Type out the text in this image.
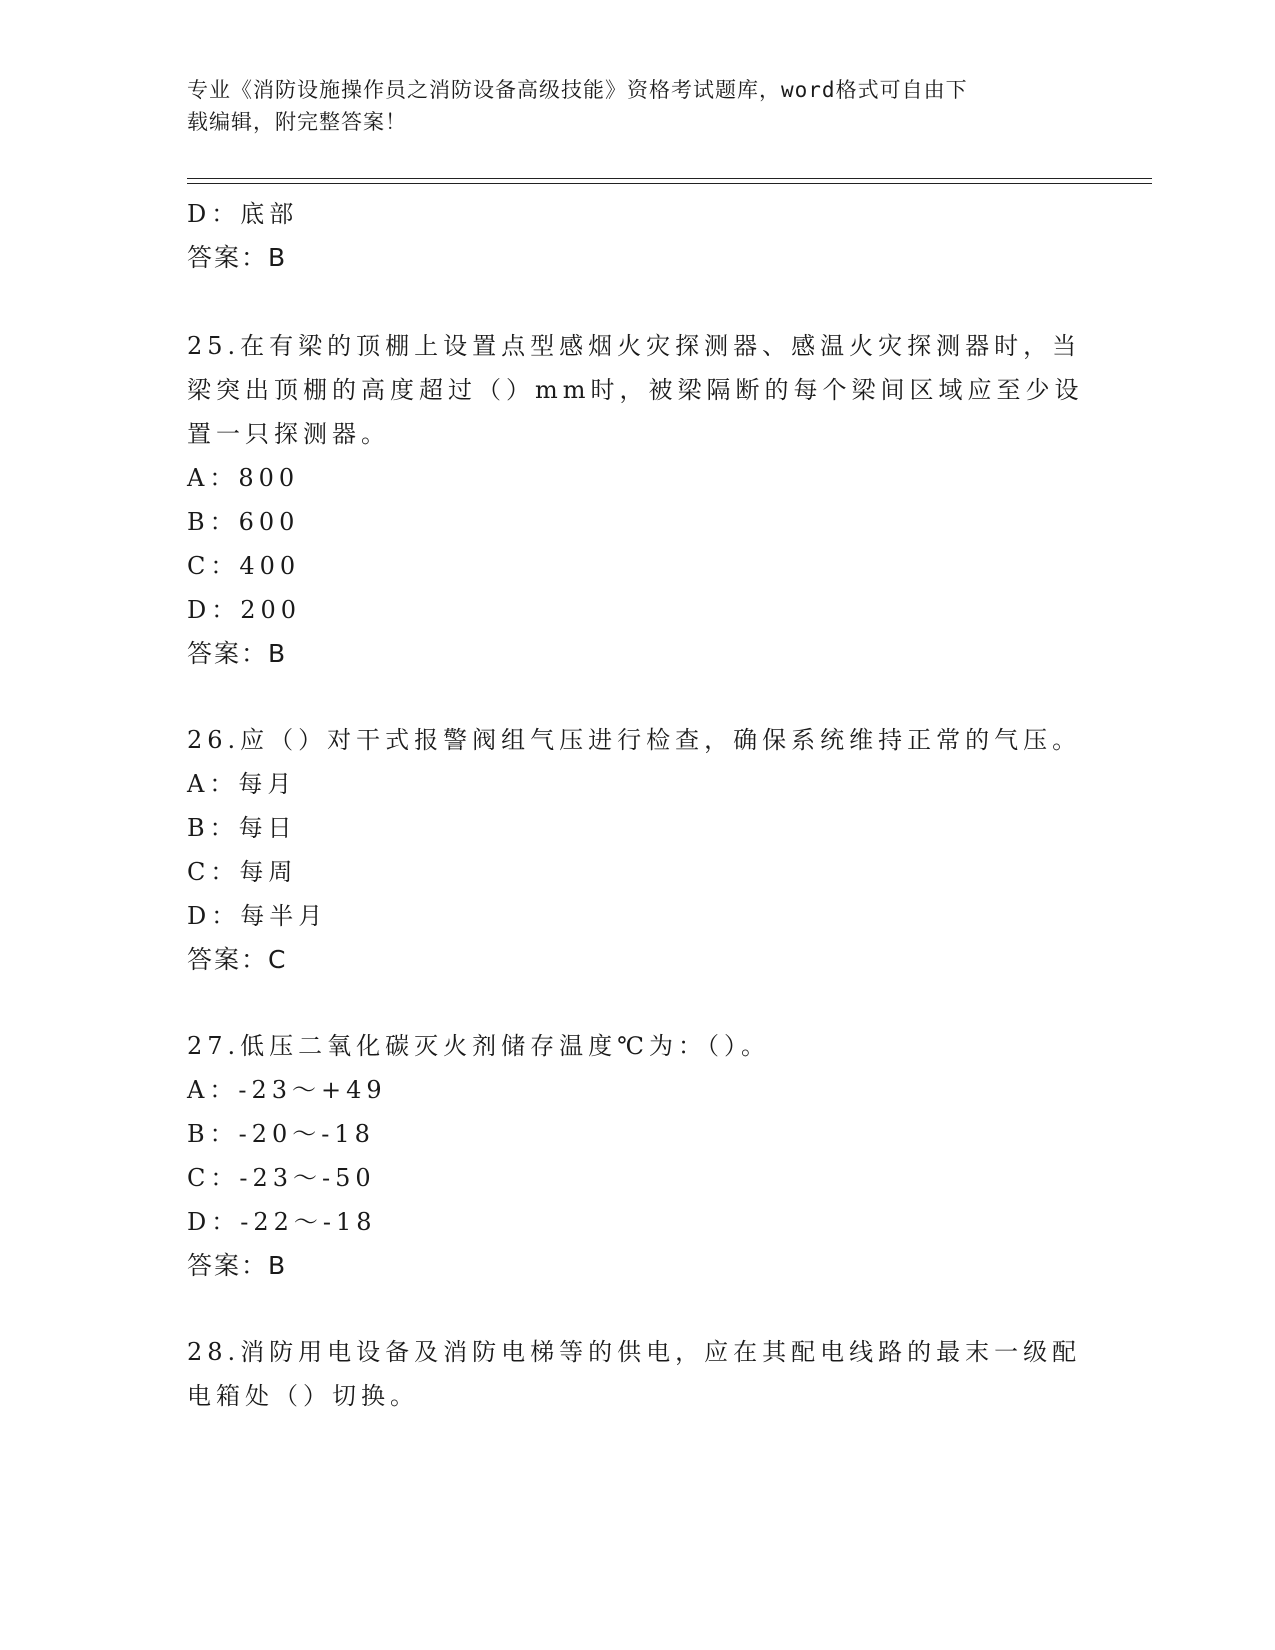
专业《消防设施操作员之消防设备高级技能》资格考试题库，word格式可自由下
载编辑，附完整答案！
D：底部
答案：B
25.在有梁的顶棚上设置点型感烟火灾探测器、感温火灾探测器时，当
梁突出顶棚的高度超过（）mm时，被梁隔断的每个梁间区域应至少设
置一只探测器。
A：800
B：600
C：400
D：200
答案：B
26.应（）对干式报警阀组气压进行检查，确保系统维持正常的气压。
A：每月
B：每日
C：每周
D：每半月
答案：C
27.低压二氧化碳灭火剂储存温度℃为：（）。
A：-23～+49
B：-20～-18
C：-23～-50
D：-22～-18
答案：B
28.消防用电设备及消防电梯等的供电，应在其配电线路的最末一级配
电箱处（）切换。
